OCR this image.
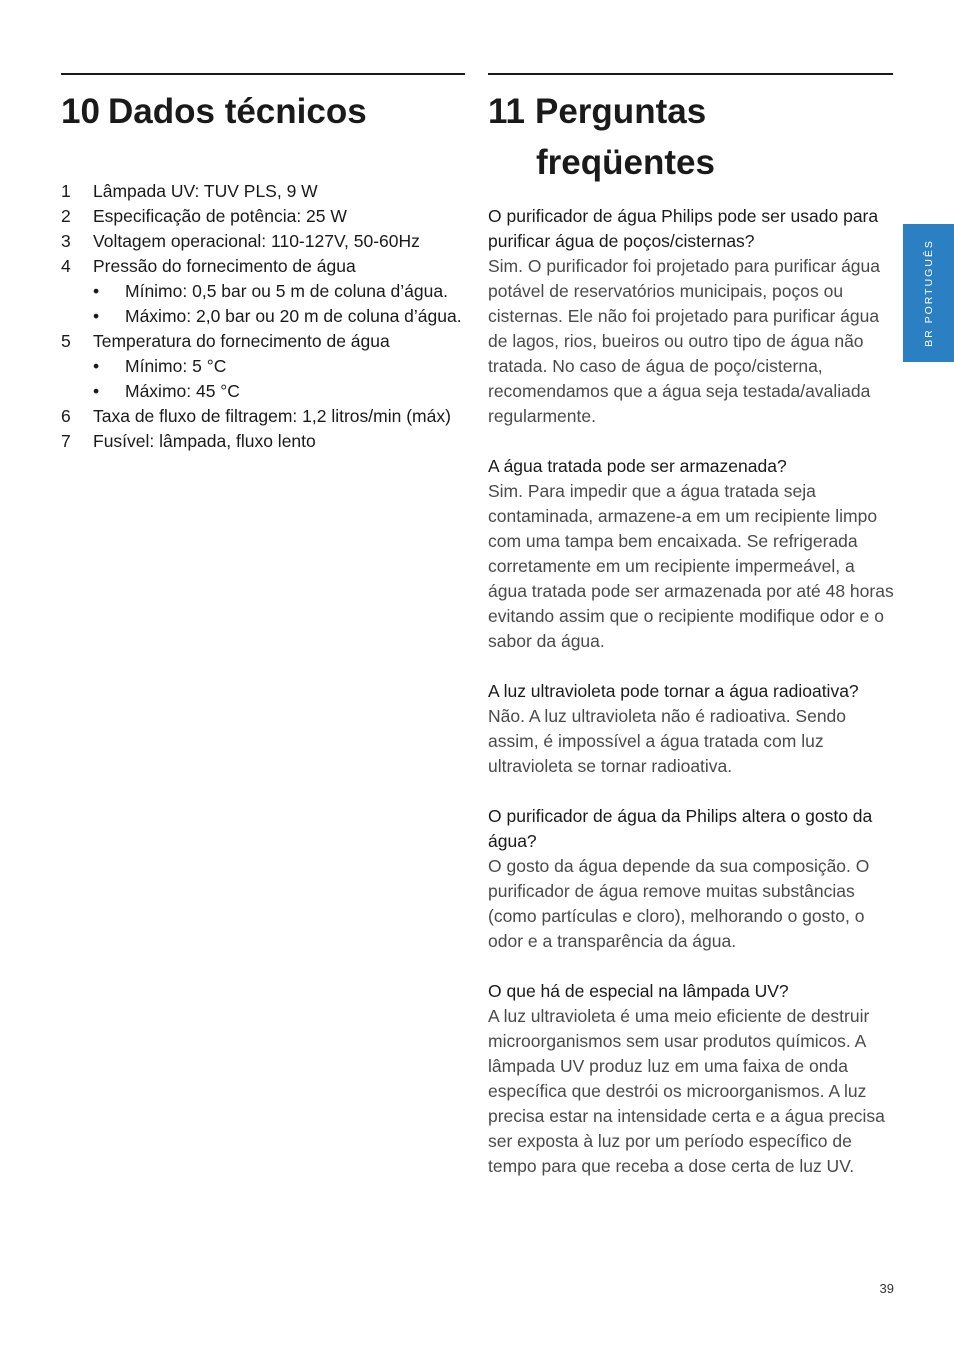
10 Dados técnicos	11 Perguntas
freqüentes
1	Lâmpada UV: TUV PLS, 9 W
2	Especificação de potência: 25 W
3	Voltagem operacional: 110-127V, 50-60Hz
4	Pressão do fornecimento de água
•	Mínimo: 0,5 bar ou 5 m de coluna d’água.
•	Máximo: 2,0 bar ou 20 m de coluna d’água.
5	Temperatura do fornecimento de água
•	Mínimo: 5 °C
•	Máximo: 45 °C
6	Taxa de fluxo de filtragem: 1,2 litros/min (máx)
7	Fusível: lâmpada, fluxo lento
O purificador de água Philips pode ser usado para purificar água de poços/cisternas?
Sim. O purificador foi projetado para purificar água potável de reservatórios municipais, poços ou cisternas. Ele não foi projetado para purificar água de lagos, rios, bueiros ou outro tipo de água não tratada. No caso de água de poço/cisterna, recomendamos que a água seja testada/avaliada regularmente.
A água tratada pode ser armazenada?
Sim. Para impedir que a água tratada seja contaminada, armazene-a em um recipiente limpo com uma tampa bem encaixada. Se refrigerada corretamente em um recipiente impermeável, a água tratada pode ser armazenada por até 48 horas evitando assim que o recipiente modifique odor e o sabor da água.
A luz ultravioleta pode tornar a água radioativa?
Não. A luz ultravioleta não é radioativa. Sendo assim, é impossível a água tratada com luz ultravioleta se tornar radioativa.
O purificador de água da Philips altera o gosto da água?
O gosto da água depende da sua composição. O purificador de água remove muitas substâncias (como partículas e cloro), melhorando o gosto, o odor e a transparência da água.
O que há de especial na lâmpada UV?
A luz ultravioleta é uma meio eficiente de destruir microorganismos sem usar produtos químicos. A lâmpada UV produz luz em uma faixa de onda específica que destrói os microorganismos. A luz precisa estar na intensidade certa e a água precisa ser exposta à luz por um período específico de tempo para que receba a dose certa de luz UV.
BR PORTUGUÊS
39
